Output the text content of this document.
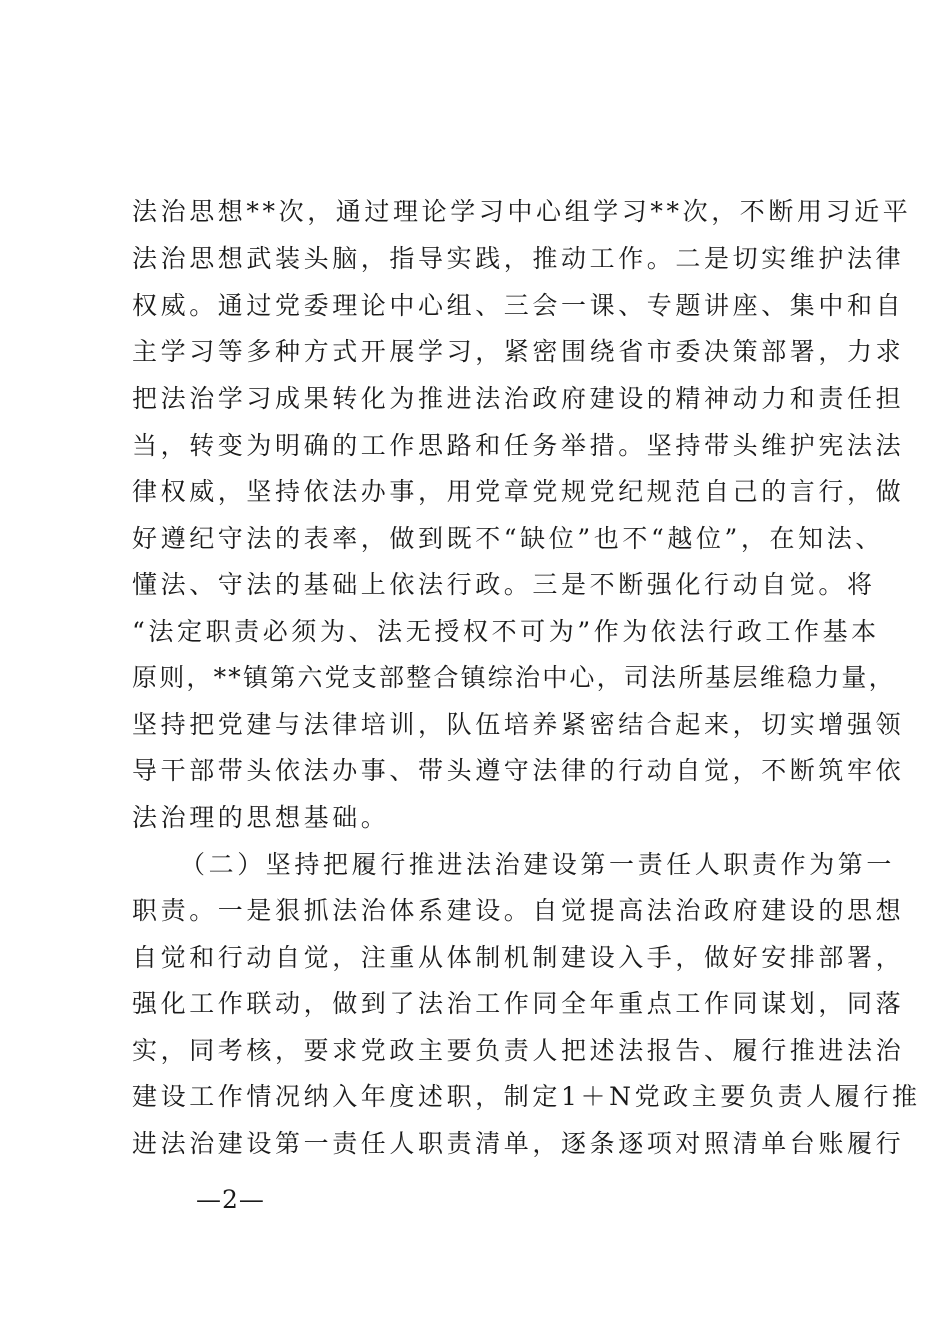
法治思想**次，通过理论学习中心组学习**次，不断用习近平
法治思想武装头脑，指导实践，推动工作。二是切实维护法律
权威。通过党委理论中心组、三会一课、专题讲座、集中和自
主学习等多种方式开展学习，紧密围绕省市委决策部署，力求
把法治学习成果转化为推进法治政府建设的精神动力和责任担
当，转变为明确的工作思路和任务举措。坚持带头维护宪法法
律权威，坚持依法办事，用党章党规党纪规范自己的言行，做
好遵纪守法的表率，做到既不“缺位”也不“越位”，在知法、
懂法、守法的基础上依法行政。三是不断强化行动自觉。将
“法定职责必须为、法无授权不可为”作为依法行政工作基本
原则，**镇第六党支部整合镇综治中心，司法所基层维稳力量，
坚持把党建与法律培训，队伍培养紧密结合起来，切实增强领
导干部带头依法办事、带头遵守法律的行动自觉，不断筑牢依
法治理的思想基础。
（二）坚持把履行推进法治建设第一责任人职责作为第一
职责。一是狠抓法治体系建设。自觉提高法治政府建设的思想
自觉和行动自觉，注重从体制机制建设入手，做好安排部署，
强化工作联动，做到了法治工作同全年重点工作同谋划，同落
实，同考核，要求党政主要负责人把述法报告、履行推进法治
建设工作情况纳入年度述职，制定1＋N党政主要负责人履行推
进法治建设第一责任人职责清单，逐条逐项对照清单台账履行
—2—
